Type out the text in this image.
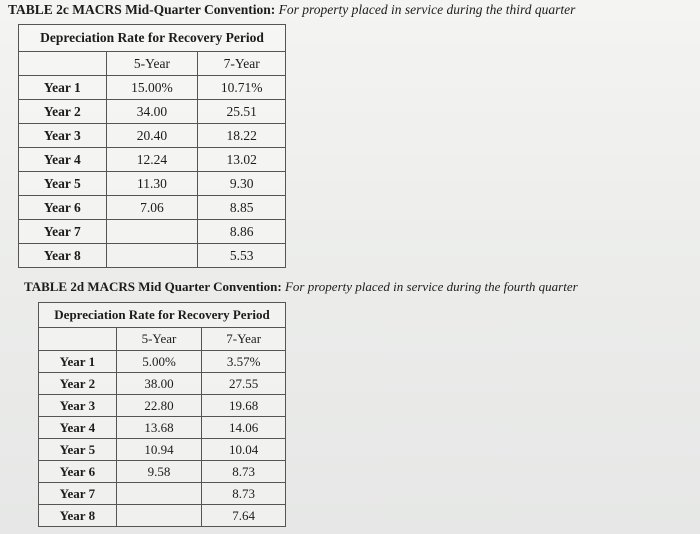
TABLE 2c MACRS Mid-Quarter Convention: For property placed in service during the third quarter
Depreciation Rate for Recovery Period		
	5-Year	7-Year
Year 1	15.00%	10.71%
Year 2	34.00	25.51
Year 3	20.40	18.22
Year 4	12.24	13.02
Year 5	11.30	9.30
Year 6	7.06	8.85
Year 7		8.86
Year 8		5.53
TABLE 2d MACRS Mid Quarter Convention: For property placed in service during the fourth quarter
Depreciation Rate for Recovery Period		
	5-Year	7-Year
Year 1	5.00%	3.57%
Year 2	38.00	27.55
Year 3	22.80	19.68
Year 4	13.68	14.06
Year 5	10.94	10.04
Year 6	9.58	8.73
Year 7		8.73
Year 8		7.64
